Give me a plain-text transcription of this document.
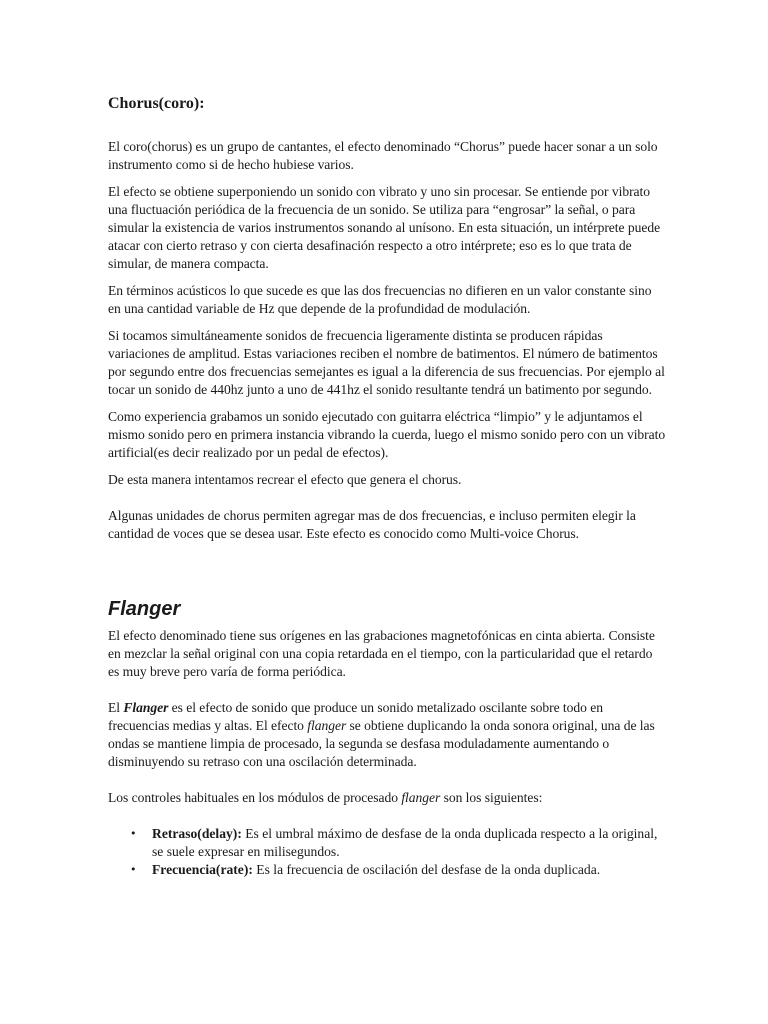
Chorus(coro):

El coro(chorus) es un grupo de cantantes, el efecto denominado “Chorus” puede hacer sonar a un solo instrumento como si de hecho hubiese varios.

El efecto se obtiene superponiendo un sonido con vibrato y uno sin procesar. Se entiende por vibrato una fluctuación periódica de la frecuencia de un sonido. Se utiliza para “engrosar” la señal, o para simular la existencia de varios instrumentos sonando al unísono. En esta situación, un intérprete puede atacar con cierto retraso y con cierta desafinación respecto a otro intérprete; eso es lo que trata de simular, de manera compacta.

En términos acústicos lo que sucede es que las dos frecuencias no difieren en un valor constante sino en una cantidad variable de Hz que depende de la profundidad de modulación.

Si tocamos simultáneamente sonidos de frecuencia ligeramente distinta se producen rápidas variaciones de amplitud. Estas variaciones reciben el nombre de batimentos. El número de batimentos por segundo entre dos frecuencias semejantes es igual a la diferencia de sus frecuencias. Por ejemplo al tocar un sonido de 440hz junto a uno de 441hz el sonido resultante tendrá un batimento por segundo.

Como experiencia grabamos un sonido ejecutado con guitarra eléctrica “limpio” y le adjuntamos el mismo sonido pero en primera instancia vibrando la cuerda, luego el mismo sonido pero con un vibrato artificial(es decir realizado por un pedal de efectos).

De esta manera intentamos recrear el efecto que genera el chorus.

Algunas unidades de chorus permiten agregar mas de dos frecuencias, e incluso permiten elegir la cantidad de voces que se desea usar. Este efecto es conocido como Multi-voice Chorus.

Flanger

El efecto denominado tiene sus orígenes en las grabaciones magnetofónicas en cinta abierta. Consiste en mezclar la señal original con una copia retardada en el tiempo, con la particularidad que el retardo es muy breve pero varía de forma periódica.

El Flanger es el efecto de sonido que produce un sonido metalizado oscilante sobre todo en frecuencias medias y altas. El efecto flanger se obtiene duplicando la onda sonora original, una de las ondas se mantiene limpia de procesado, la segunda se desfasa moduladamente aumentando o disminuyendo su retraso con una oscilación determinada.

Los controles habituales en los módulos de procesado flanger son los siguientes:

• Retraso(delay): Es el umbral máximo de desfase de la onda duplicada respecto a la original, se suele expresar en milisegundos.
• Frecuencia(rate): Es la frecuencia de oscilación del desfase de la onda duplicada.
